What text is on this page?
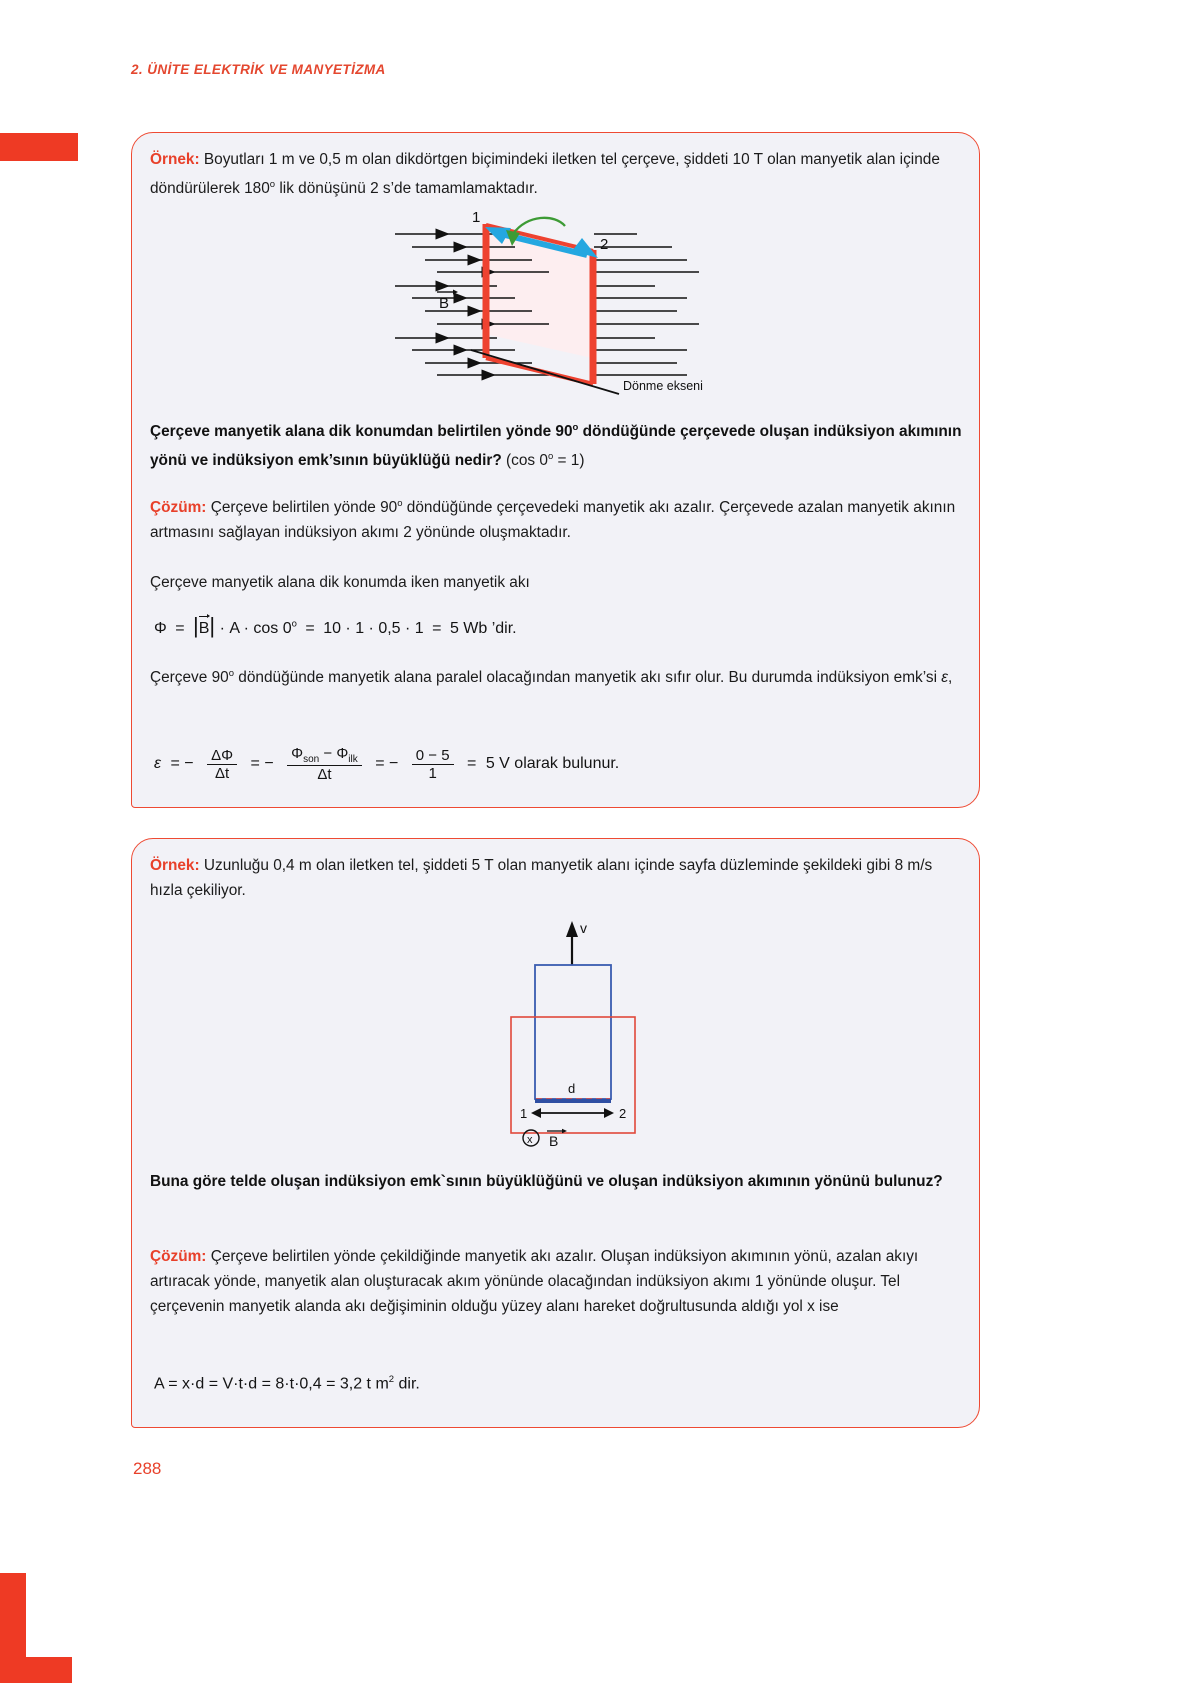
2. ÜNİTE ELEKTRİK VE MANYETİZMA

Örnek: Boyutları 1 m ve 0,5 m olan dikdörtgen biçimindeki iletken tel çerçeve, şiddeti 10 T olan manyetik alan içinde döndürülerek 180$^o$ lik dönüşünü 2 s’de tamamlamaktadır.

1
2
B
Dönme ekseni

Çerçeve manyetik alana dik konumdan belirtilen yönde 90$^o$ döndüğünde çerçevede oluşan indüksiyon akımının yönü ve indüksiyon emk’sının büyüklüğü nedir? (cos $0^o = 1$)

Çözüm: Çerçeve belirtilen yönde 90$^o$ döndüğünde çerçevedeki manyetik akı azalır. Çerçevede azalan manyetik akının artmasını sağlayan indüksiyon akımı 2 yönünde oluşmaktadır.

Çerçeve manyetik alana dik konumda iken manyetik akı

Φ = |B
| · $A \cdot \cos 0^o = 10 \cdot 1 \cdot 0,5 \cdot 1 = 5$ Wb ’dir.

Çerçeve 90$^o$ döndüğünde manyetik alana paralel olacağından manyetik akı sıfır olur. Bu durumda indüksiyon emk’si ε,

ε = − $\frac{\Delta\Phi}{\Delta t}$ = − $\frac{\Phi_{son} - \Phi_{ilk}}{\Delta t}$ = − $\frac{0 - 5}{1} = 5$ V olarak bulunur.

Örnek: Uzunluğu 0,4 m olan iletken tel, şiddeti 5 T olan manyetik alanı içinde sayfa düzleminde şekildeki gibi 8 m/s hızla çekiliyor.

v
d
1	2
x B

Buna göre telde oluşan indüksiyon emk`sının büyüklüğünü ve oluşan indüksiyon akımının yönünü bulunuz?

Çözüm: Çerçeve belirtilen yönde çekildiğinde manyetik akı azalır. Oluşan indüksiyon akımının yönü, azalan akıyı artıracak yönde, manyetik alan oluşturacak akım yönünde olacağından indüksiyon akımı 1 yönünde oluşur. Tel çerçevenin manyetik alanda akı değişiminin olduğu yüzey alanı hareket doğrultusunda aldığı yol x ise

A = x·d = V·t·d = 8·t·0,4 = 3,2 t $m^2$ dir.
288
